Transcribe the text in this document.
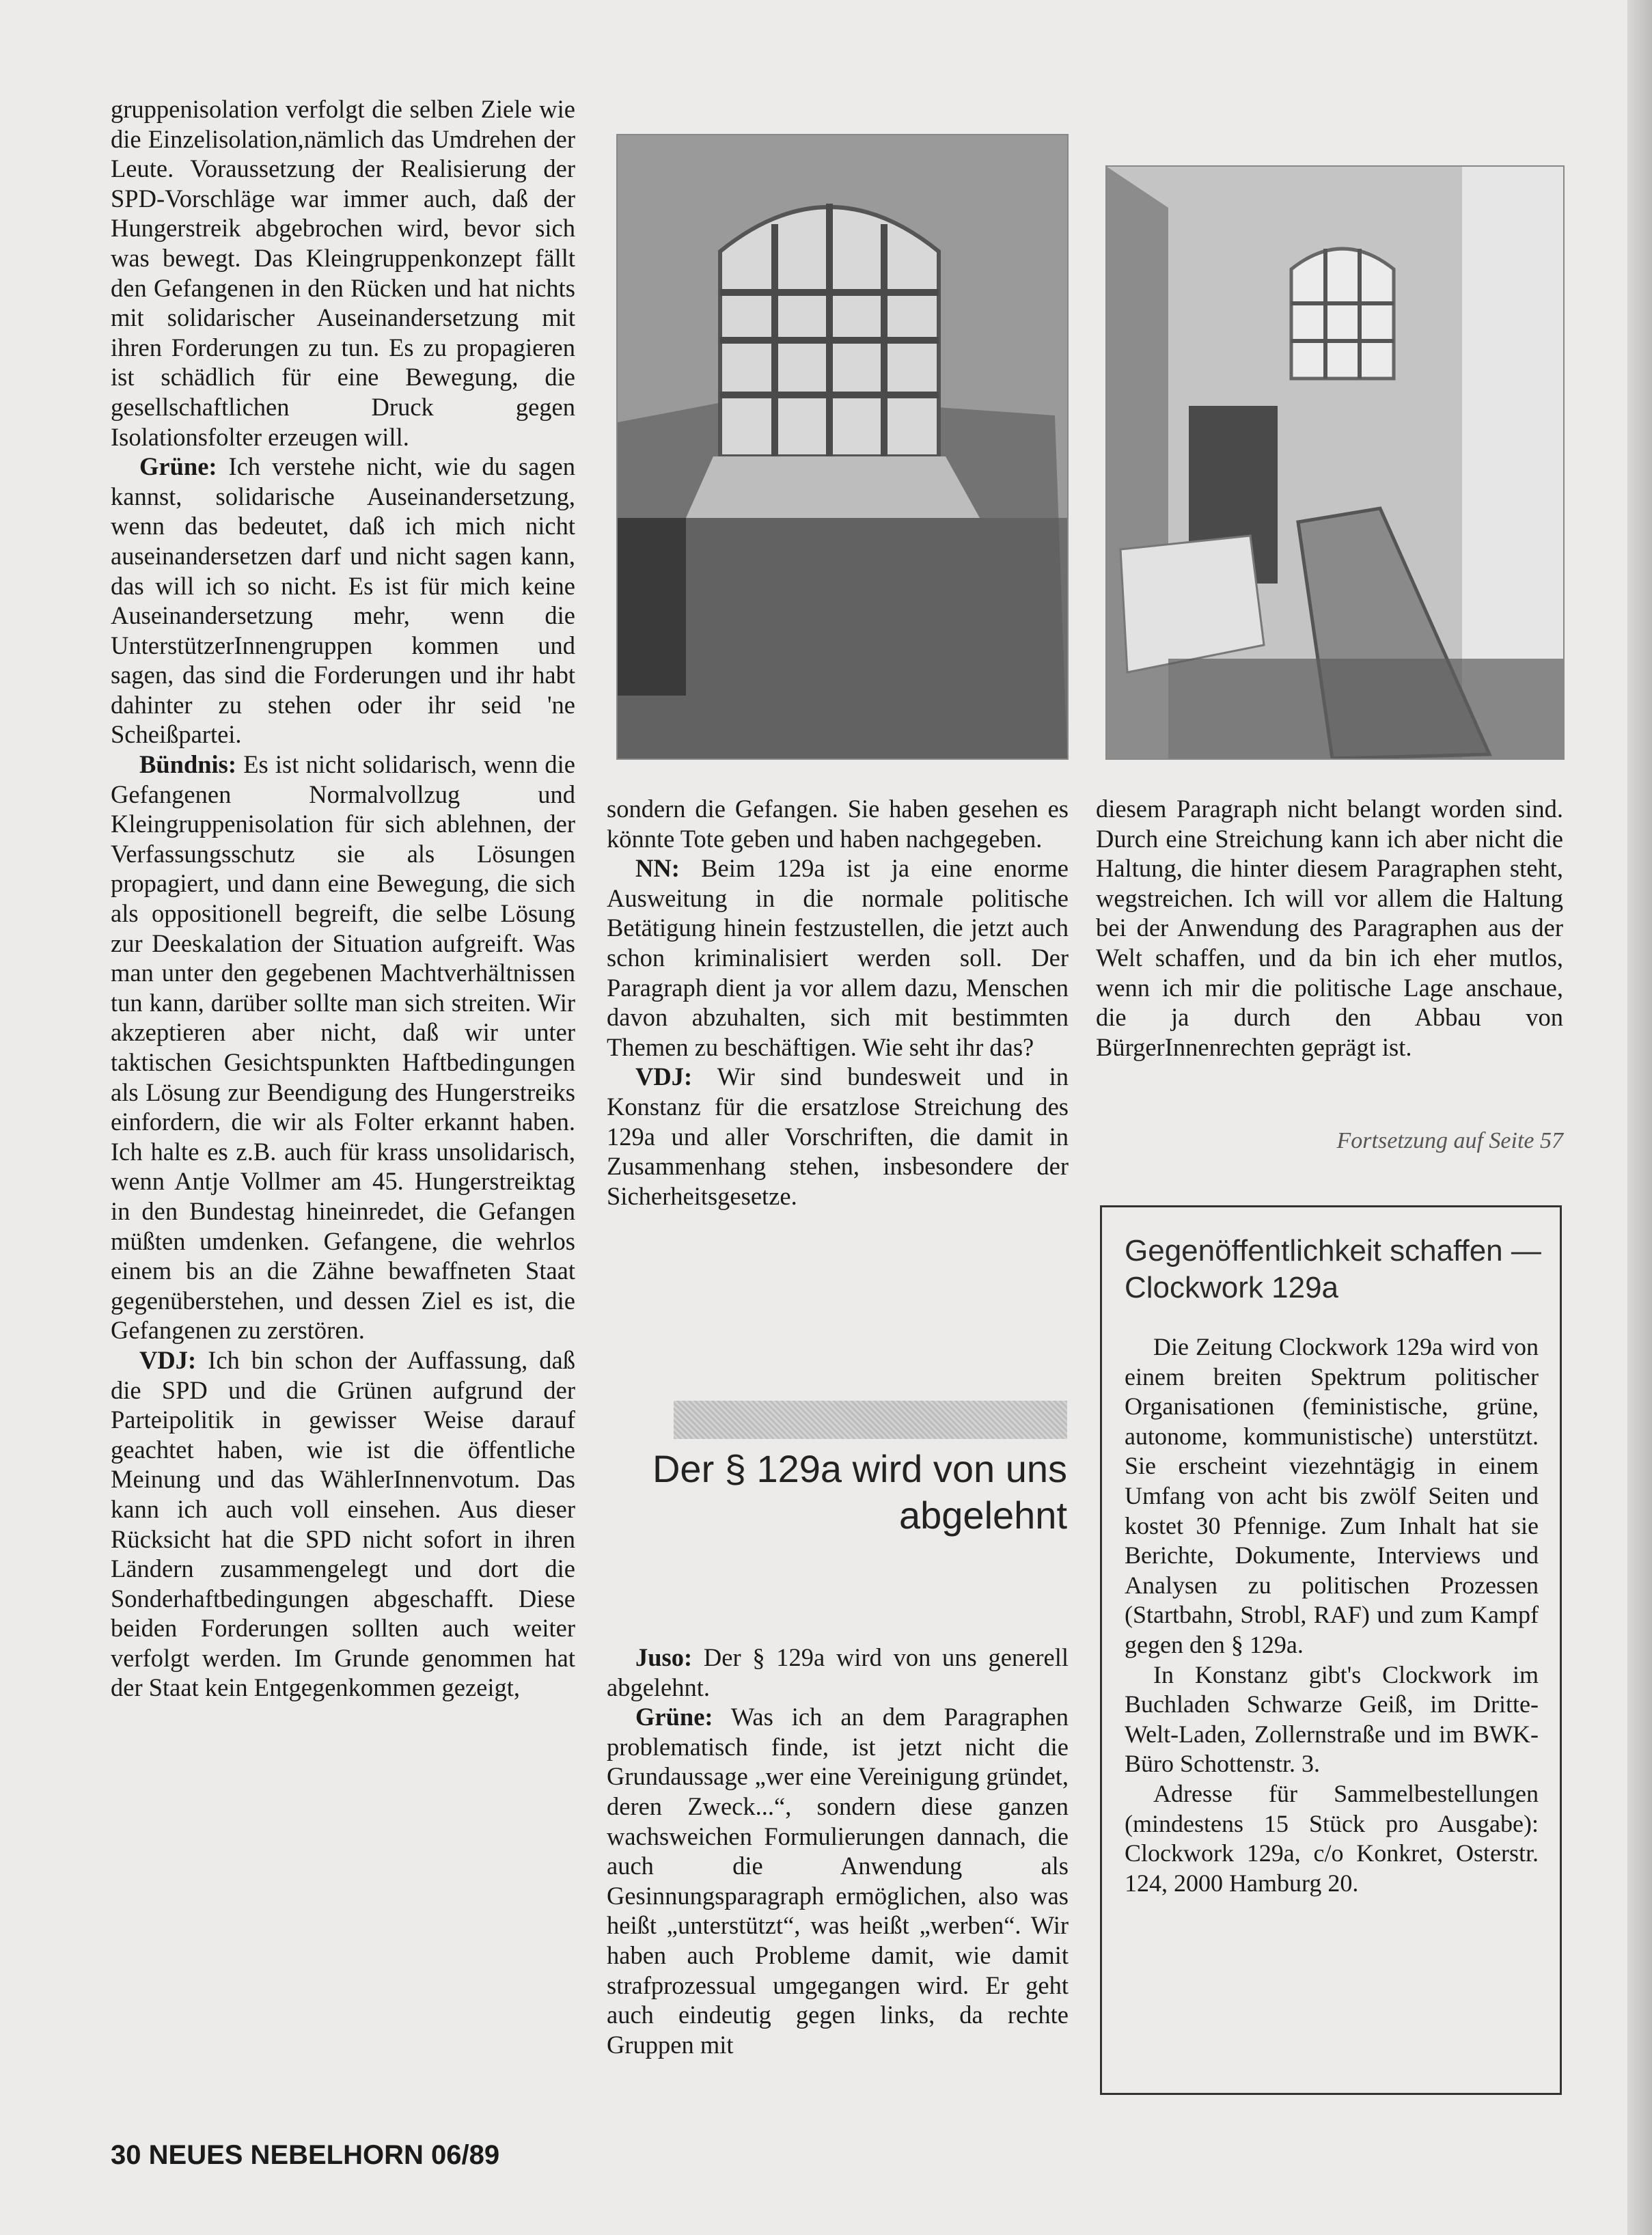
gruppenisolation verfolgt die selben Ziele wie die Einzelisolation,nämlich das Umdrehen der Leute. Voraussetzung der Realisierung der SPD-Vorschläge war immer auch, daß der Hungerstreik abgebrochen wird, bevor sich was bewegt. Das Kleingruppenkonzept fällt den Gefangenen in den Rücken und hat nichts mit solidarischer Auseinandersetzung mit ihren Forderungen zu tun. Es zu propagieren ist schädlich für eine Bewegung, die gesellschaftlichen Druck gegen Isolationsfolter erzeugen will.

Grüne: Ich verstehe nicht, wie du sagen kannst, solidarische Auseinandersetzung, wenn das bedeutet, daß ich mich nicht auseinandersetzen darf und nicht sagen kann, das will ich so nicht. Es ist für mich keine Auseinandersetzung mehr, wenn die UnterstützerInnengruppen kommen und sagen, das sind die Forderungen und ihr habt dahinter zu stehen oder ihr seid 'ne Scheißpartei.

Bündnis: Es ist nicht solidarisch, wenn die Gefangenen Normalvollzug und Kleingruppenisolation für sich ablehnen, der Verfassungsschutz sie als Lösungen propagiert, und dann eine Bewegung, die sich als oppositionell begreift, die selbe Lösung zur Deeskalation der Situation aufgreift. Was man unter den gegebenen Machtverhältnissen tun kann, darüber sollte man sich streiten. Wir akzeptieren aber nicht, daß wir unter taktischen Gesichtspunkten Haftbedingungen als Lösung zur Beendigung des Hungerstreiks einfordern, die wir als Folter erkannt haben. Ich halte es z.B. auch für krass unsolidarisch, wenn Antje Vollmer am 45. Hungerstreiktag in den Bundestag hineinredet, die Gefangen müßten umdenken. Gefangene, die wehrlos einem bis an die Zähne bewaffneten Staat gegenüberstehen, und dessen Ziel es ist, die Gefangenen zu zerstören.

VDJ: Ich bin schon der Auffassung, daß die SPD und die Grünen aufgrund der Parteipolitik in gewisser Weise darauf geachtet haben, wie ist die öffentliche Meinung und das WählerInnenvotum. Das kann ich auch voll einsehen. Aus dieser Rücksicht hat die SPD nicht sofort in ihren Ländern zusammengelegt und dort die Sonderhaftbedingungen abgeschafft. Diese beiden Forderungen sollten auch weiter verfolgt werden. Im Grunde genommen hat der Staat kein Entgegenkommen gezeigt,

sondern die Gefangen. Sie haben gesehen es könnte Tote geben und haben nachgegeben.

NN: Beim 129a ist ja eine enorme Ausweitung in die normale politische Betätigung hinein festzustellen, die jetzt auch schon kriminalisiert werden soll. Der Paragraph dient ja vor allem dazu, Menschen davon abzuhalten, sich mit bestimmten Themen zu beschäftigen. Wie seht ihr das?

VDJ: Wir sind bundesweit und in Konstanz für die ersatzlose Streichung des 129a und aller Vorschriften, die damit in Zusammenhang stehen, insbesondere der Sicherheitsgesetze.

Der § 129a wird von uns abgelehnt

Juso: Der § 129a wird von uns generell abgelehnt.

Grüne: Was ich an dem Paragraphen problematisch finde, ist jetzt nicht die Grundaussage „wer eine Vereinigung gründet, deren Zweck...“, sondern diese ganzen wachsweichen Formulierungen dannach, die auch die Anwendung als Gesinnungsparagraph ermöglichen, also was heißt „unterstützt“, was heißt „werben“. Wir haben auch Probleme damit, wie damit strafprozessual umgegangen wird. Er geht auch eindeutig gegen links, da rechte Gruppen mit

diesem Paragraph nicht belangt worden sind. Durch eine Streichung kann ich aber nicht die Haltung, die hinter diesem Paragraphen steht, wegstreichen. Ich will vor allem die Haltung bei der Anwendung des Paragraphen aus der Welt schaffen, und da bin ich eher mutlos, wenn ich mir die politische Lage anschaue, die ja durch den Abbau von BürgerInnenrechten geprägt ist.

Fortsetzung auf Seite 57
Gegenöffentlichkeit schaffen — Clockwork 129a

Die Zeitung Clockwork 129a wird von einem breiten Spektrum politischer Organisationen (feministische, grüne, autonome, kommunistische) unterstützt. Sie erscheint viezehntägig in einem Umfang von acht bis zwölf Seiten und kostet 30 Pfennige. Zum Inhalt hat sie Berichte, Dokumente, Interviews und Analysen zu politischen Prozessen (Startbahn, Strobl, RAF) und zum Kampf gegen den § 129a.

In Konstanz gibt's Clockwork im Buchladen Schwarze Geiß, im Dritte-Welt-Laden, Zollernstraße und im BWK-Büro Schottenstr. 3.

Adresse für Sammelbestellungen (mindestens 15 Stück pro Ausgabe): Clockwork 129a, c/o Konkret, Osterstr. 124, 2000 Hamburg 20.

30 NEUES NEBELHORN 06/89
